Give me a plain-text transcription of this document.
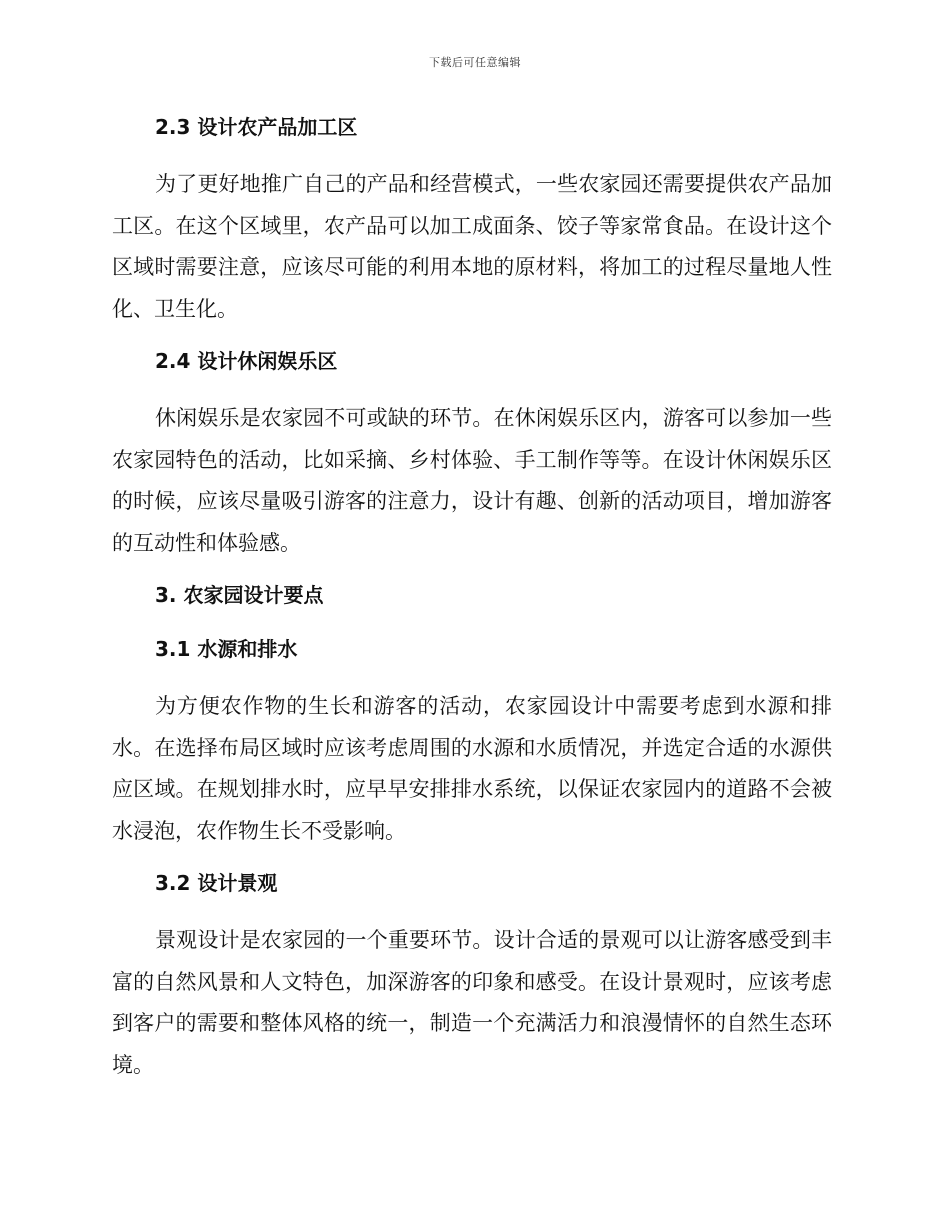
下载后可任意编辑
2.3 设计农产品加工区

为了更好地推广自己的产品和经营模式，一些农家园还需要提供农产品加工区。在这个区域里，农产品可以加工成面条、饺子等家常食品。在设计这个区域时需要注意，应该尽可能的利用本地的原材料，将加工的过程尽量地人性化、卫生化。

2.4 设计休闲娱乐区

休闲娱乐是农家园不可或缺的环节。在休闲娱乐区内，游客可以参加一些农家园特色的活动，比如采摘、乡村体验、手工制作等等。在设计休闲娱乐区的时候，应该尽量吸引游客的注意力，设计有趣、创新的活动项目，增加游客的互动性和体验感。

3. 农家园设计要点
3.1 水源和排水

为方便农作物的生长和游客的活动，农家园设计中需要考虑到水源和排水。在选择布局区域时应该考虑周围的水源和水质情况，并选定合适的水源供应区域。在规划排水时，应早早安排排水系统，以保证农家园内的道路不会被水浸泡，农作物生长不受影响。

3.2 设计景观

景观设计是农家园的一个重要环节。设计合适的景观可以让游客感受到丰富的自然风景和人文特色，加深游客的印象和感受。在设计景观时，应该考虑到客户的需要和整体风格的统一，制造一个充满活力和浪漫情怀的自然生态环境。
